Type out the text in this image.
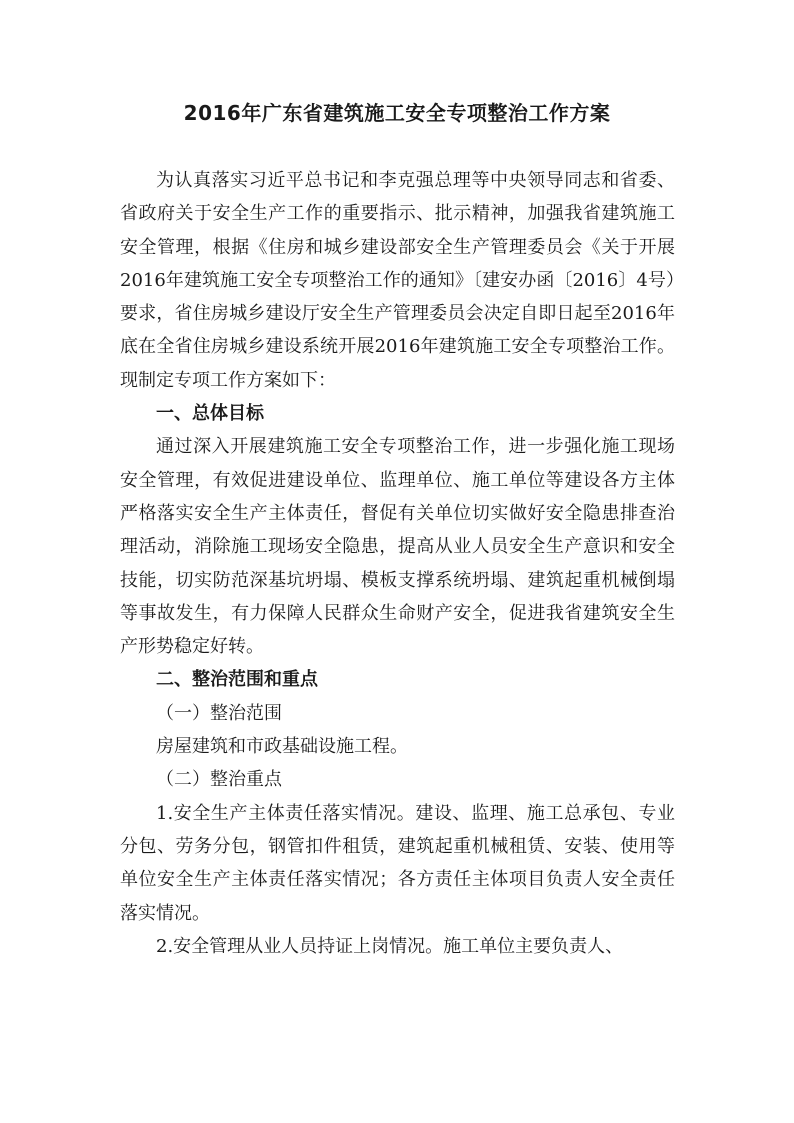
2016年广东省建筑施工安全专项整治工作方案

为认真落实习近平总书记和李克强总理等中央领导同志和省委、省政府关于安全生产工作的重要指示、批示精神，加强我省建筑施工安全管理，根据《住房和城乡建设部安全生产管理委员会《关于开展2016年建筑施工安全专项整治工作的通知》〔建安办函〔2016〕4号）要求，省住房城乡建设厅安全生产管理委员会决定自即日起至2016年底在全省住房城乡建设系统开展2016年建筑施工安全专项整治工作。现制定专项工作方案如下：

一、总体目标

通过深入开展建筑施工安全专项整治工作，进一步强化施工现场安全管理，有效促进建设单位、监理单位、施工单位等建设各方主体严格落实安全生产主体责任，督促有关单位切实做好安全隐患排查治理活动，消除施工现场安全隐患，提高从业人员安全生产意识和安全技能，切实防范深基坑坍塌、模板支撑系统坍塌、建筑起重机械倒塌等事故发生，有力保障人民群众生命财产安全，促进我省建筑安全生产形势稳定好转。

二、整治范围和重点

（一）整治范围

房屋建筑和市政基础设施工程。

（二）整治重点

1.安全生产主体责任落实情况。建设、监理、施工总承包、专业分包、劳务分包，钢管扣件租赁，建筑起重机械租赁、安装、使用等单位安全生产主体责任落实情况；各方责任主体项目负责人安全责任落实情况。

2.安全管理从业人员持证上岗情况。施工单位主要负责人、
